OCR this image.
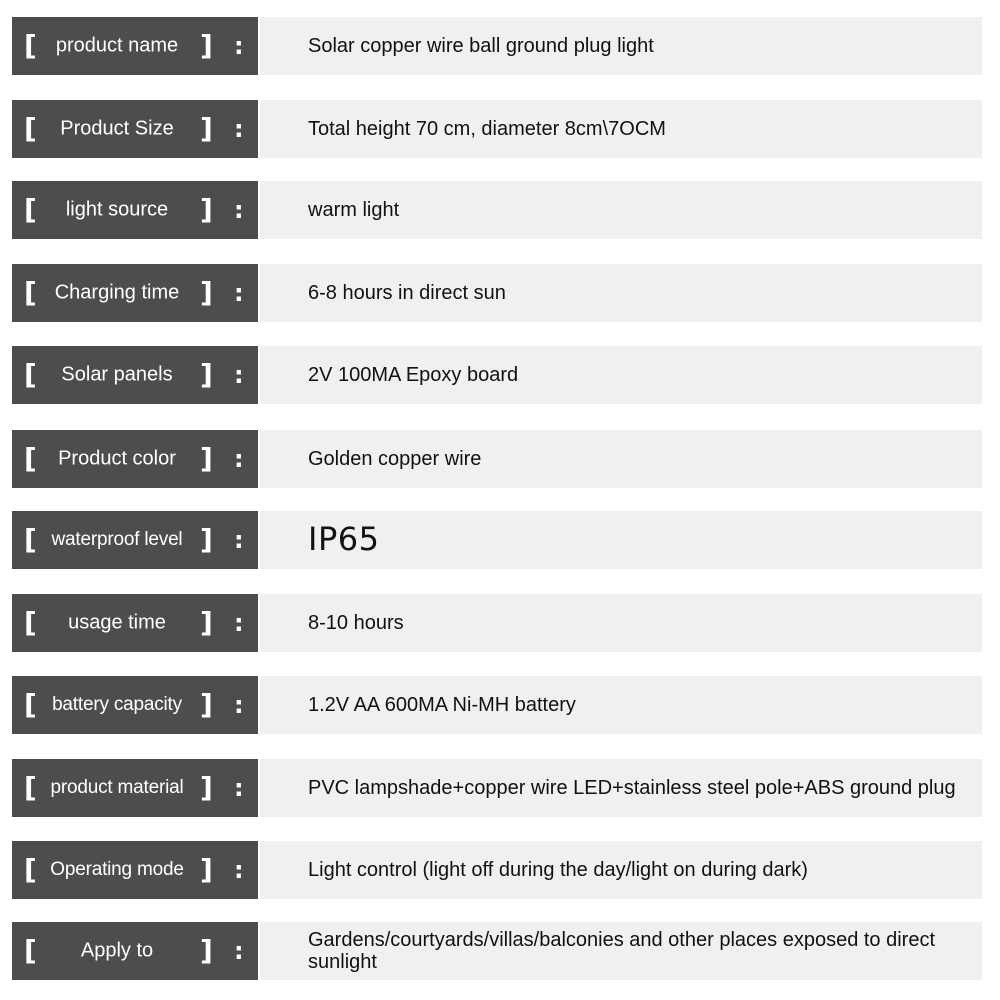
[ product name ] :	Solar copper wire ball ground plug light
[	Product Size ] :	Total height 70 cm, diameter 8cm\7OCM
[	light source	] :	warm light
[ Charging time ] :	6-8 hours in direct sun
[	Solar panels ] :	2V 100MA Epoxy board
[	Product color ] :	Golden copper wire
[ waterproof level ] : IP65
[	usage time	] :	8-10 hours
[ battery capacity ] :	1.2V AA 600MA Ni-MH battery
[ product material ] :	PVC lampshade+copper wire LED+stainless steel pole+ABS ground plug
[ Operating mode ] :	Light control (light off during the day/light on during dark)
[	Apply to	] :	Gardens/courtyards/villas/balconies and other places exposed to direct sunlight
